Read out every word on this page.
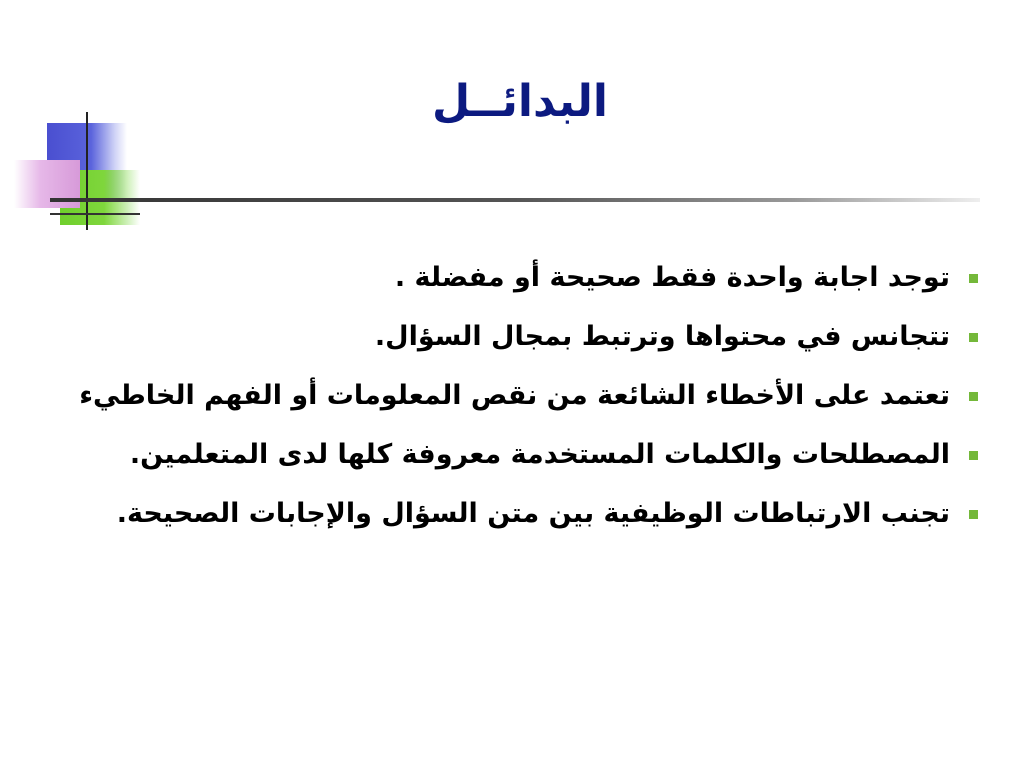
البدائــل
توجد اجابة واحدة فقط صحيحة أو مفضلة .
تتجانس في محتواها وترتبط بمجال السؤال.
تعتمد على الأخطاء الشائعة من نقص المعلومات أو الفهم الخاطيء
المصطلحات والكلمات المستخدمة معروفة كلها لدى المتعلمين.
تجنب الارتباطات الوظيفية بين متن السؤال والإجابات الصحيحة.
